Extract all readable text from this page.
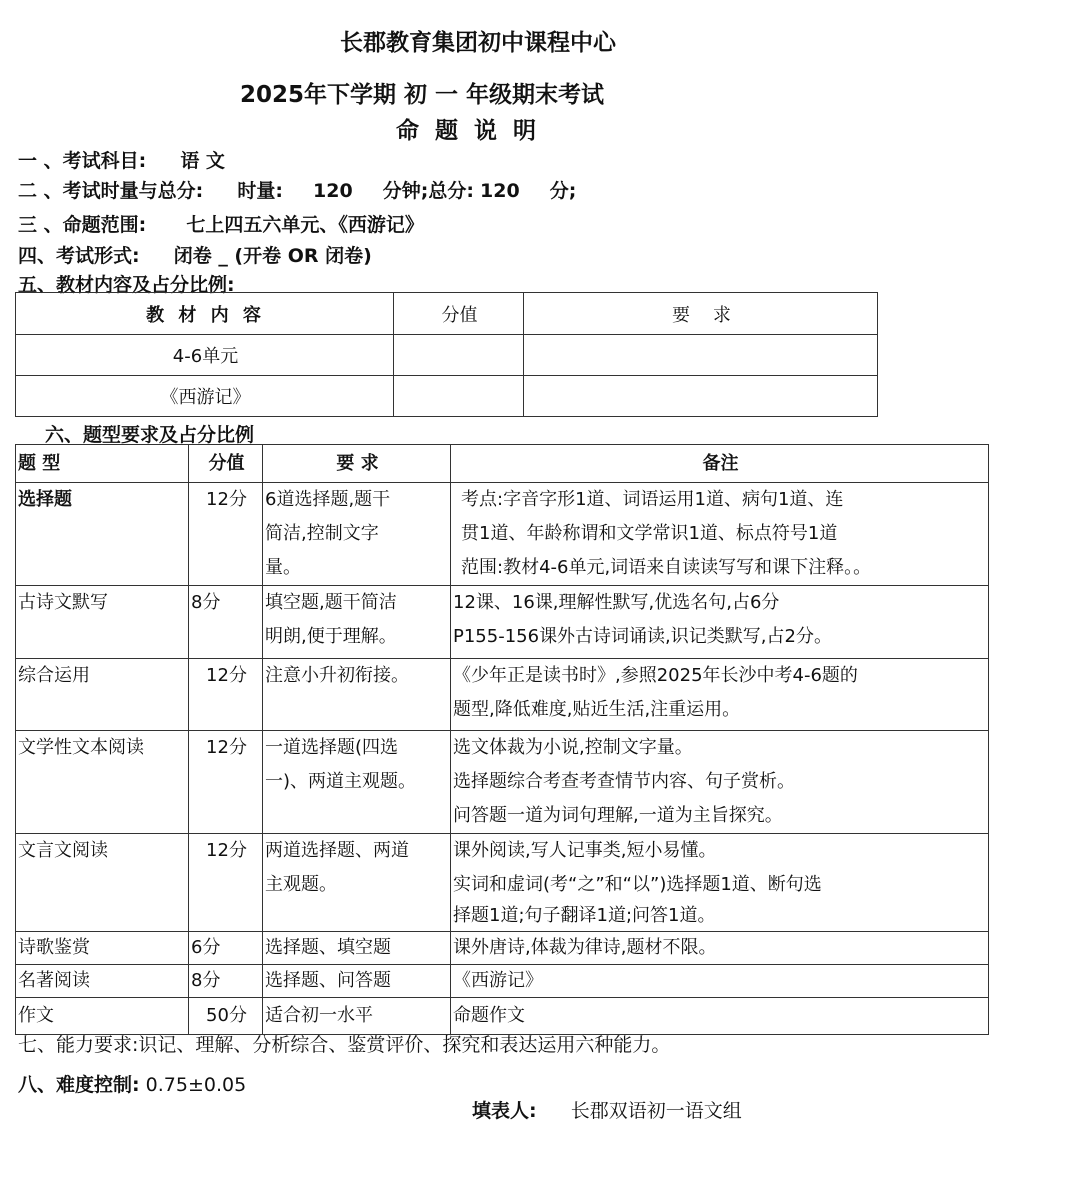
长郡教育集团初中课程中心
2025年下学期 初 一 年级期末考试
命 题 说 明
一 、考试科目: 语 文
二 、考试时量与总分: 时量: 120 分钟;总分: 120 分;
三 、命题范围: 七上四五六单元、《西游记》
四、考试形式: 闭卷 _ (开卷 OR 闭卷)
五、教材内容及占分比例:
教 材 内 容	分值	要    求
4-6单元		
《西游记》		
六、题型要求及占分比例
题 型	分值	要 求	备注
选择题	12分	6道选择题,题干
简洁,控制文字
量。	考点:字音字形1道、词语运用1道、病句1道、连
贯1道、年龄称谓和文学常识1道、标点符号1道
范围:教材4-6单元,词语来自读读写写和课下注释。。

古诗文默写	8分	填空题,题干简洁
明朗,便于理解。	12课、16课,理解性默写,优选名句,占6分
P155-156课外古诗词诵读,识记类默写,占2分。

综合运用	12分	注意小升初衔接。	《少年正是读书时》,参照2025年长沙中考4-6题的
题型,降低难度,贴近生活,注重运用。

文学性文本阅读	12分	一道选择题(四选
一)、两道主观题。	选文体裁为小说,控制文字量。
选择题综合考查考查情节内容、句子赏析。
问答题一道为词句理解,一道为主旨探究。

文言文阅读	12分	两道选择题、两道
主观题。	课外阅读,写人记事类,短小易懂。
实词和虚词(考“之”和“以”)选择题1道、断句选
择题1道;句子翻译1道;问答1道。

诗歌鉴赏	6分	选择题、填空题	课外唐诗,体裁为律诗,题材不限。
名著阅读	8分	选择题、问答题	《西游记》
作文	50分	适合初一水平	命题作文
七、能力要求:识记、理解、分析综合、鉴赏评价、探究和表达运用六种能力。
八、难度控制: 0.75±0.05
填表人: 长郡双语初一语文组
